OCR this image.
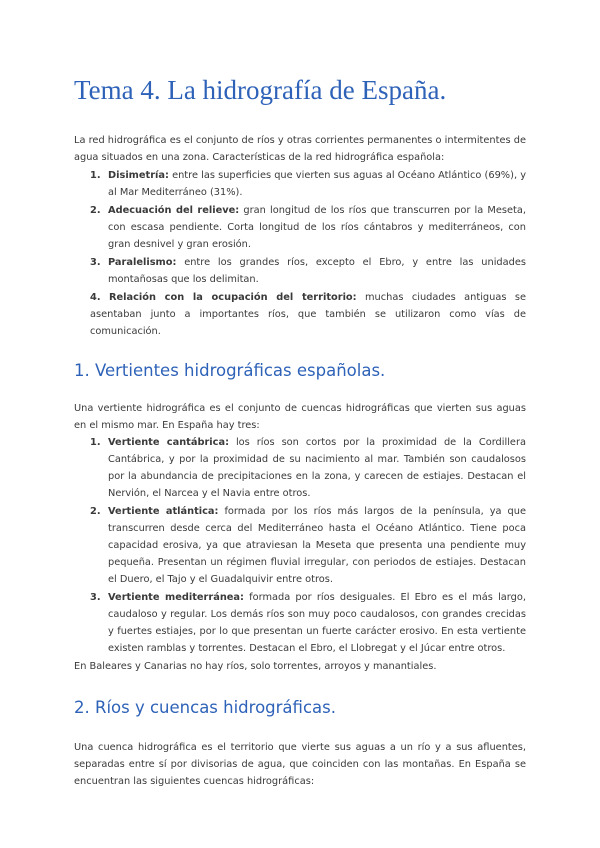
Tema 4. La hidrografía de España.

La red hidrográfica es el conjunto de ríos y otras corrientes permanentes o intermitentes de agua situados en una zona. Características de la red hidrográfica española:

1. Disimetría: entre las superficies que vierten sus aguas al Océano Atlántico (69%), y al Mar Mediterráneo (31%).
2. Adecuación del relieve: gran longitud de los ríos que transcurren por la Meseta, con escasa pendiente. Corta longitud de los ríos cántabros y mediterráneos, con gran desnivel y gran erosión.
3. Paralelismo: entre los grandes ríos, excepto el Ebro, y entre las unidades montañosas que los delimitan.
4. Relación con la ocupación del territorio: muchas ciudades antiguas se asentaban junto a importantes ríos, que también se utilizaron como vías de comunicación.
1. Vertientes hidrográficas españolas.

Una vertiente hidrográfica es el conjunto de cuencas hidrográficas que vierten sus aguas en el mismo mar. En España hay tres:

1. Vertiente cantábrica: los ríos son cortos por la proximidad de la Cordillera Cantábrica, y por la proximidad de su nacimiento al mar. También son caudalosos por la abundancia de precipitaciones en la zona, y carecen de estiajes. Destacan el Nervión, el Narcea y el Navia entre otros.
2. Vertiente atlántica: formada por los ríos más largos de la península, ya que transcurren desde cerca del Mediterráneo hasta el Océano Atlántico. Tiene poca capacidad erosiva, ya que atraviesan la Meseta que presenta una pendiente muy pequeña. Presentan un régimen fluvial irregular, con periodos de estiajes. Destacan el Duero, el Tajo y el Guadalquivir entre otros.
3. Vertiente mediterránea: formada por ríos desiguales. El Ebro es el más largo, caudaloso y regular. Los demás ríos son muy poco caudalosos, con grandes crecidas y fuertes estiajes, por lo que presentan un fuerte carácter erosivo. En esta vertiente existen ramblas y torrentes. Destacan el Ebro, el Llobregat y el Júcar entre otros.

En Baleares y Canarias no hay ríos, solo torrentes, arroyos y manantiales.

2. Ríos y cuencas hidrográficas.

Una cuenca hidrográfica es el territorio que vierte sus aguas a un río y a sus afluentes, separadas entre sí por divisorias de agua, que coinciden con las montañas. En España se encuentran las siguientes cuencas hidrográficas:
